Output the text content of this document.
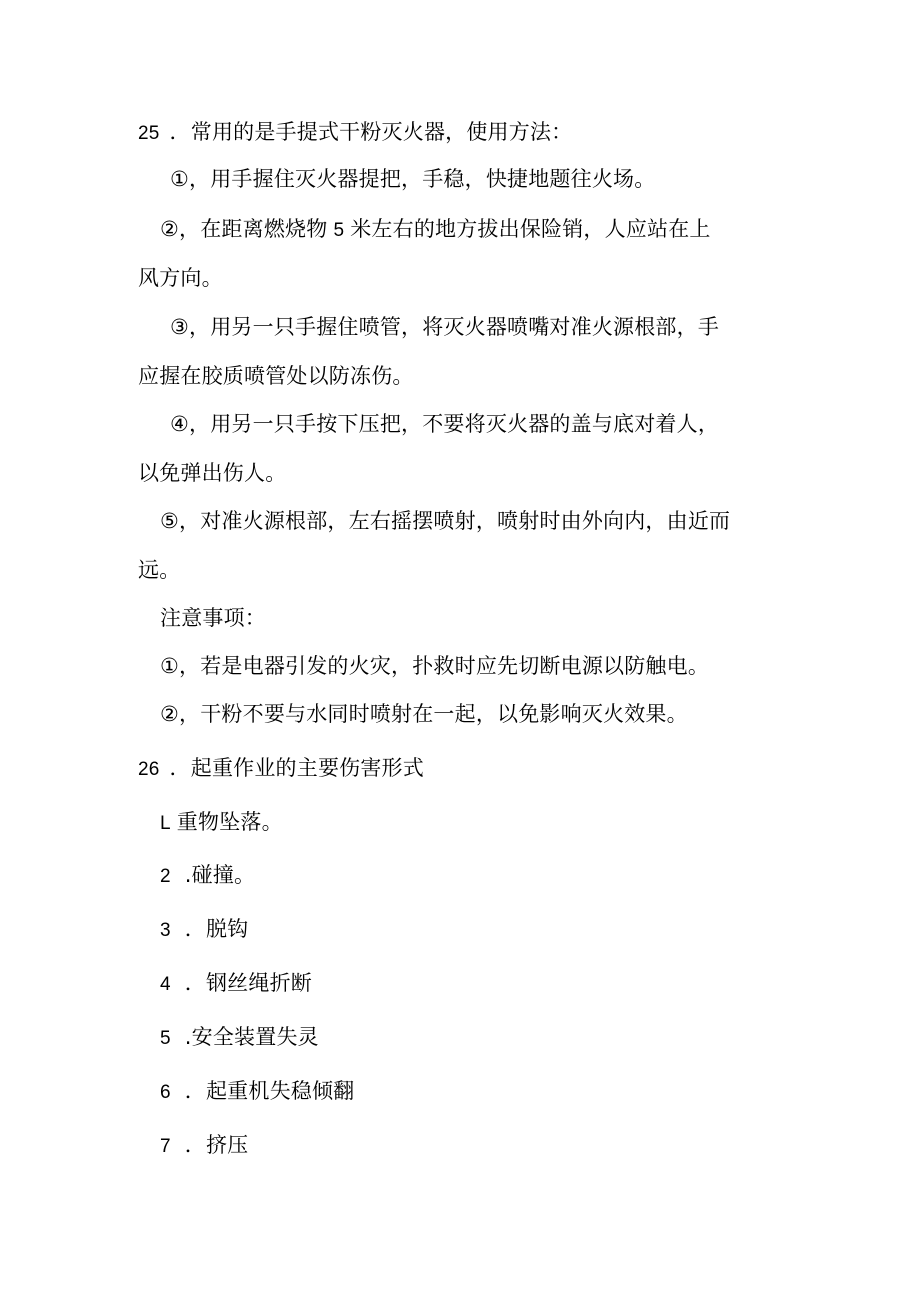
25 ．常用的是手提式干粉灭火器，使用方法：
①，用手握住灭火器提把，手稳，快捷地题往火场。
②，在距离燃烧物 5 米左右的地方拔出保险销，人应站在上
风方向。
③，用另一只手握住喷管，将灭火器喷嘴对准火源根部，手
应握在胶质喷管处以防冻伤。
④，用另一只手按下压把，不要将灭火器的盖与底对着人，
以免弹出伤人。
⑤，对准火源根部，左右摇摆喷射，喷射时由外向内，由近而
远。
注意事项：
①，若是电器引发的火灾，扑救时应先切断电源以防触电。
②，干粉不要与水同时喷射在一起，以免影响灭火效果。
26 ．起重作业的主要伤害形式
L 重物坠落。
2 .碰撞。
3 ．脱钩
4 ．钢丝绳折断
5 .安全装置失灵
6 ．起重机失稳倾翻
7 ．挤压
